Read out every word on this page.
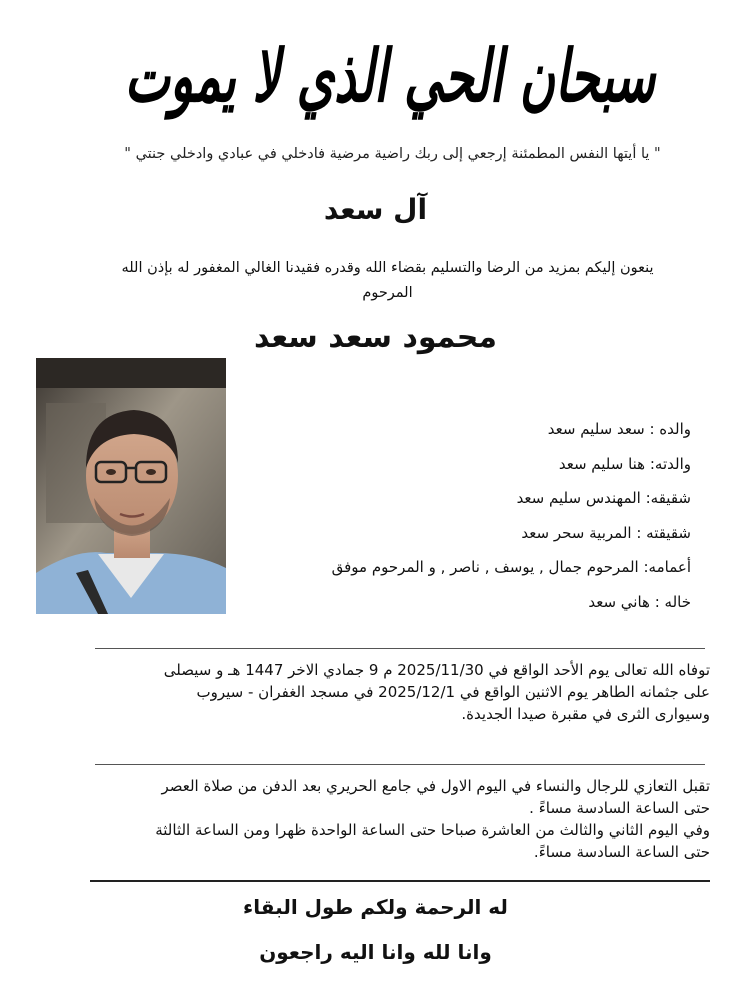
سبحان الحي الذي لا يموت
" يا أيتها النفس المطمئنة إرجعي إلى ربك راضية مرضية فادخلي في عبادي وادخلي جنتي "
آل سعد
ينعون إليكم بمزيد من الرضا والتسليم بقضاء الله وقدره فقيدنا الغالي المغفور له بإذن الله
المرحوم
محمود سعد سعد
والده : سعد سليم سعد
والدته: هنا سليم سعد
شقيقه: المهندس سليم سعد
شقيقته : المربية سحر سعد
أعمامه: المرحوم جمال , يوسف , ناصر , و المرحوم موفق
خاله : هاني سعد
توفاه الله تعالى يوم الأحد الواقع في 2025/11/30 م 9 جمادي الاخر 1447 هـ و سيصلى
على جثمانه الطاهر يوم الاثنين الواقع في 2025/12/1 في مسجد الغفران - سيروب
وسيوارى الثرى في مقبرة صيدا الجديدة.
تقبل التعازي للرجال والنساء في اليوم الاول في جامع الحريري بعد الدفن من صلاة العصر
حتى الساعة السادسة مساءً .
وفي اليوم الثاني والثالث من العاشرة صباحا حتى الساعة الواحدة ظهرا ومن الساعة الثالثة
حتى الساعة السادسة مساءً.
له الرحمة ولكم طول البقاء
وانا لله وانا اليه راجعون
